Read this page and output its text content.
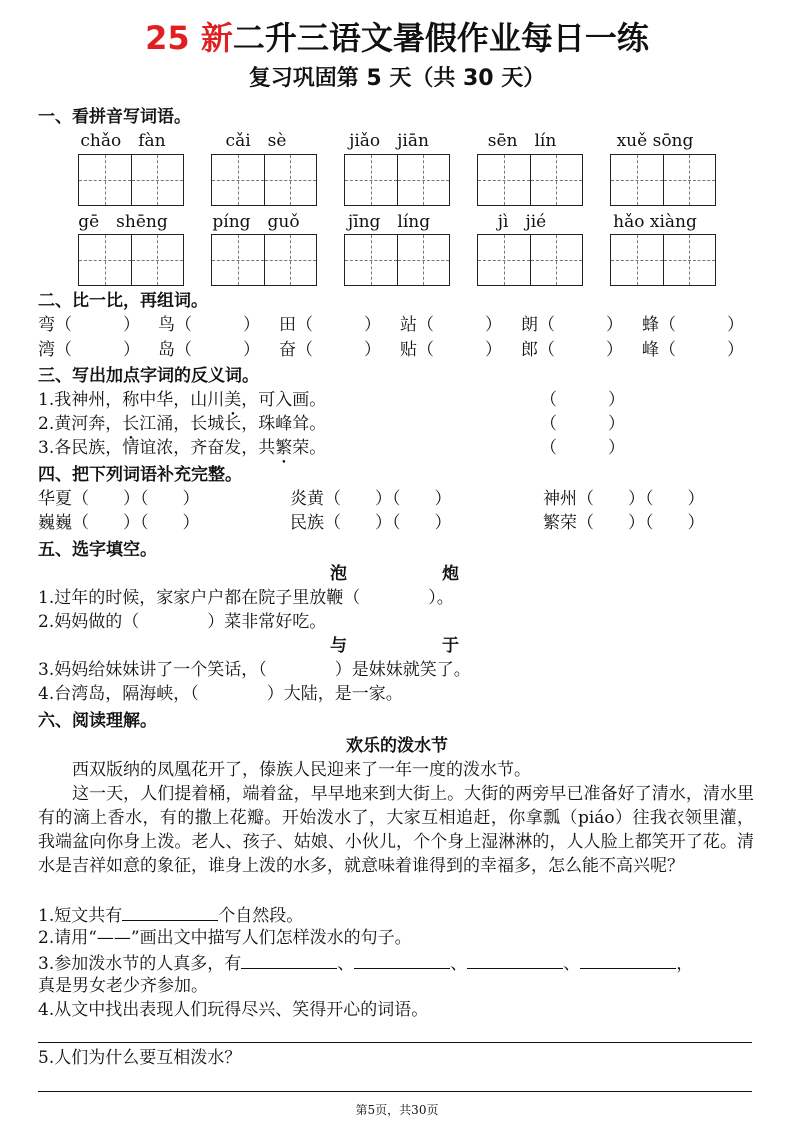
25 新二升三语文暑假作业每日一练
复习巩固第 5 天（共 30 天）
一、看拼音写词语。
chǎo　fàn	cǎi　sè	jiǎo　jiān	sēn　lín	xuě sōng
gē　shēng	píng　guǒ	jīng　líng	jì　jié	hǎo xiàng
二、比一比，再组词。
弯（　　　） 鸟（　　　） 田（　　　） 站（　　　） 朗（　　　） 蜂（　　　）
湾（　　　） 岛（　　　） 奋（　　　） 贴（　　　） 郎（　　　） 峰（　　　）
三、写出加点字词的反义词。
1.我神州，称中华，山川美，可入画。
2.黄河奔，长江涌，长城长，珠峰耸。
3.各民族，情谊浓，齐奋发，共繁荣。
（　　　）
（　　　）
（　　　）
四、把下列词语补充完整。
华夏（　　）（　　）	炎黄（　　）（　　）	神州（　　）（　　）
巍巍（　　）（　　）	民族（　　）（　　）	繁荣（　　）（　　）
五、选字填空。
泡	炮
1.过年的时候，家家户户都在院子里放鞭（　　　　）。
2.妈妈做的（　　　　）菜非常好吃。
与	于
3.妈妈给妹妹讲了一个笑话，（　　　　）是妹妹就笑了。
4.台湾岛，隔海峡，（　　　　）大陆，是一家。
六、阅读理解。
欢乐的泼水节
西双版纳的凤凰花开了，傣族人民迎来了一年一度的泼水节。
这一天，人们提着桶，端着盆，早早地来到大街上。大街的两旁早已准备好了清水，清水里有的滴上香水，有的撒上花瓣。开始泼水了，大家互相追赶，你拿瓢（piáo）往我衣领里灌，我端盆向你身上泼。老人、孩子、姑娘、小伙儿，个个身上湿淋淋的，人人脸上都笑开了花。清水是吉祥如意的象征，谁身上泼的水多，就意味着谁得到的幸福多，怎么能不高兴呢？
1.短文共有	个自然段。
2.请用“——”画出文中描写人们怎样泼水的句子。
3.参加泼水节的人真多，有	、	、	、	，
真是男女老少齐参加。
4.从文中找出表现人们玩得尽兴、笑得开心的词语。
5.人们为什么要互相泼水？
第5页，共30页
